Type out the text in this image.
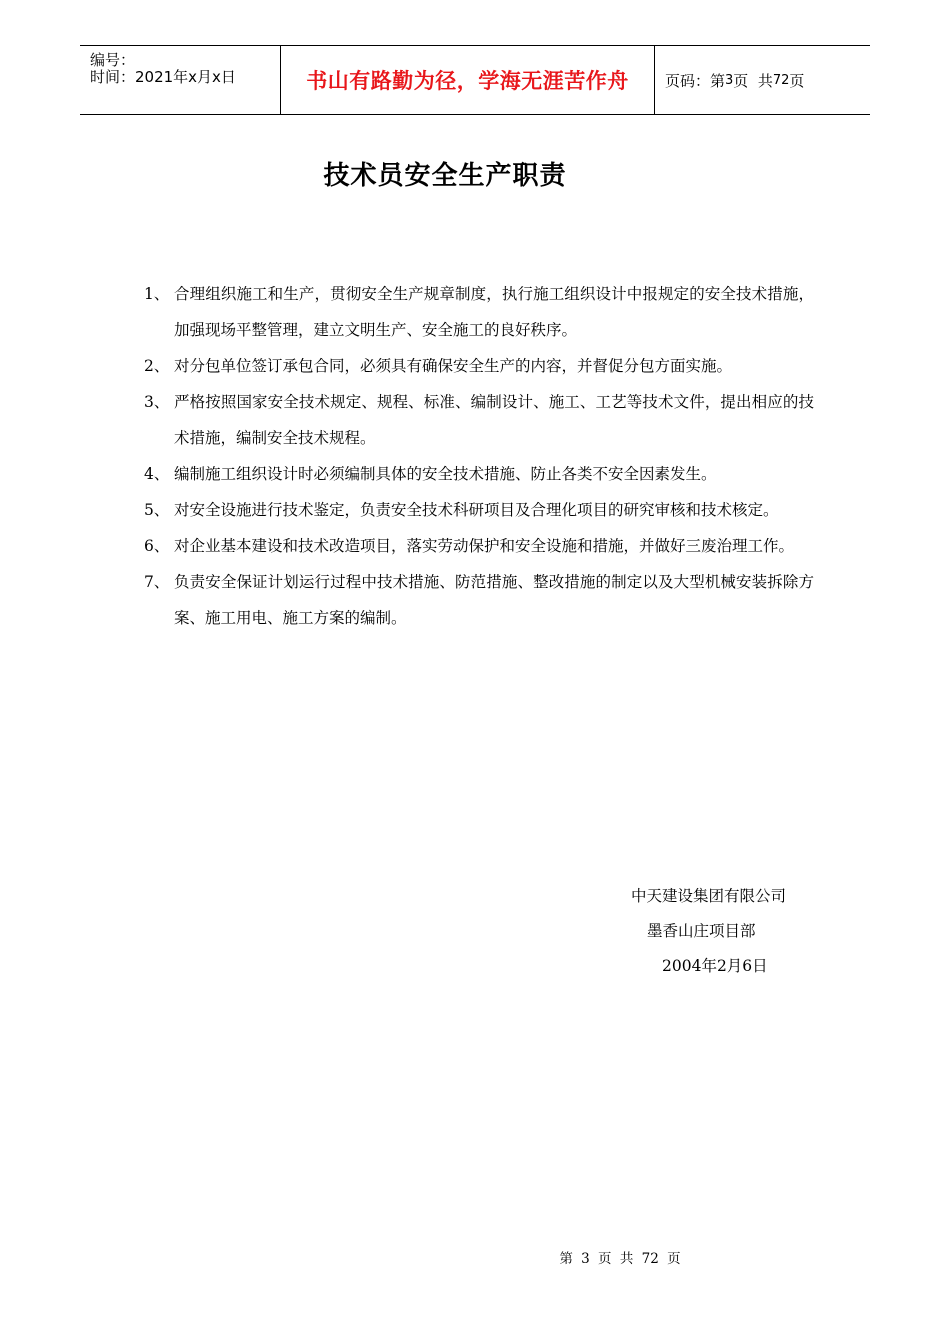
编号：
时间：2021年x月x日	书山有路勤为径，学海无涯苦作舟	页码：第 3 页  共 72 页
技术员安全生产职责
1、 合理组织施工和生产，贯彻安全生产规章制度，执行施工组织设计中报规定的安全技术措施，加强现场平整管理，建立文明生产、安全施工的良好秩序。
2、 对分包单位签订承包合同，必须具有确保安全生产的内容，并督促分包方面实施。
3、 严格按照国家安全技术规定、规程、标准、编制设计、施工、工艺等技术文件，提出相应的技术措施，编制安全技术规程。
4、 编制施工组织设计时必须编制具体的安全技术措施、防止各类不安全因素发生。
5、 对安全设施进行技术鉴定，负责安全技术科研项目及合理化项目的研究审核和技术核定。
6、 对企业基本建设和技术改造项目，落实劳动保护和安全设施和措施，并做好三废治理工作。
7、 负责安全保证计划运行过程中技术措施、防范措施、整改措施的制定以及大型机械安装拆除方案、施工用电、施工方案的编制。
中天建设集团有限公司
墨香山庄项目部
2004年2月6日
第 3 页 共 72 页
